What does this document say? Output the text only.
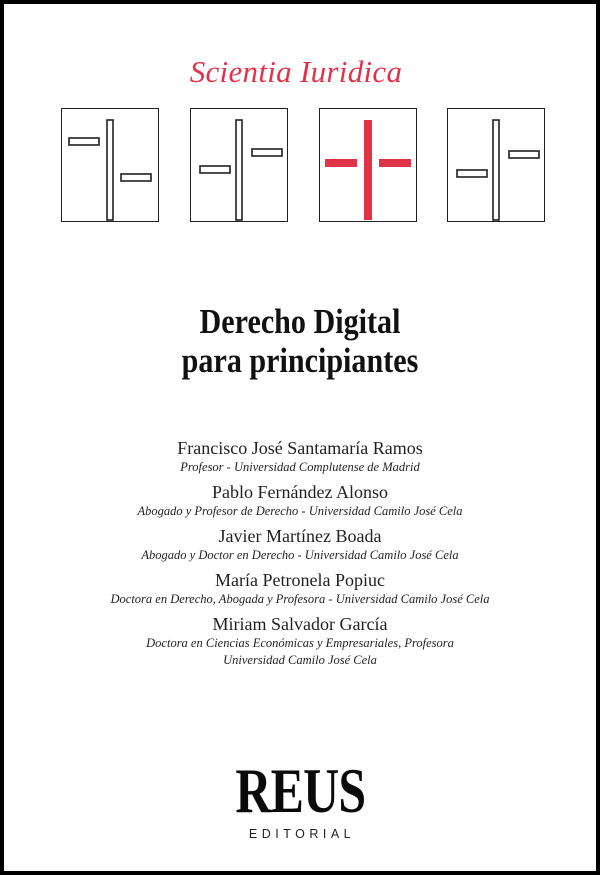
Scientia Iuridica
Derecho Digital
para principiantes
Francisco José Santamaría Ramos
Profesor - Universidad Complutense de Madrid
Pablo Fernández Alonso
Abogado y Profesor de Derecho - Universidad Camilo José Cela
Javier Martínez Boada
Abogado y Doctor en Derecho - Universidad Camilo José Cela
María Petronela Popiuc
Doctora en Derecho, Abogada y Profesora - Universidad Camilo José Cela
Miriam Salvador García
Doctora en Ciencias Económicas y Empresariales, Profesora
Universidad Camilo José Cela
REUS
EDITORIAL
